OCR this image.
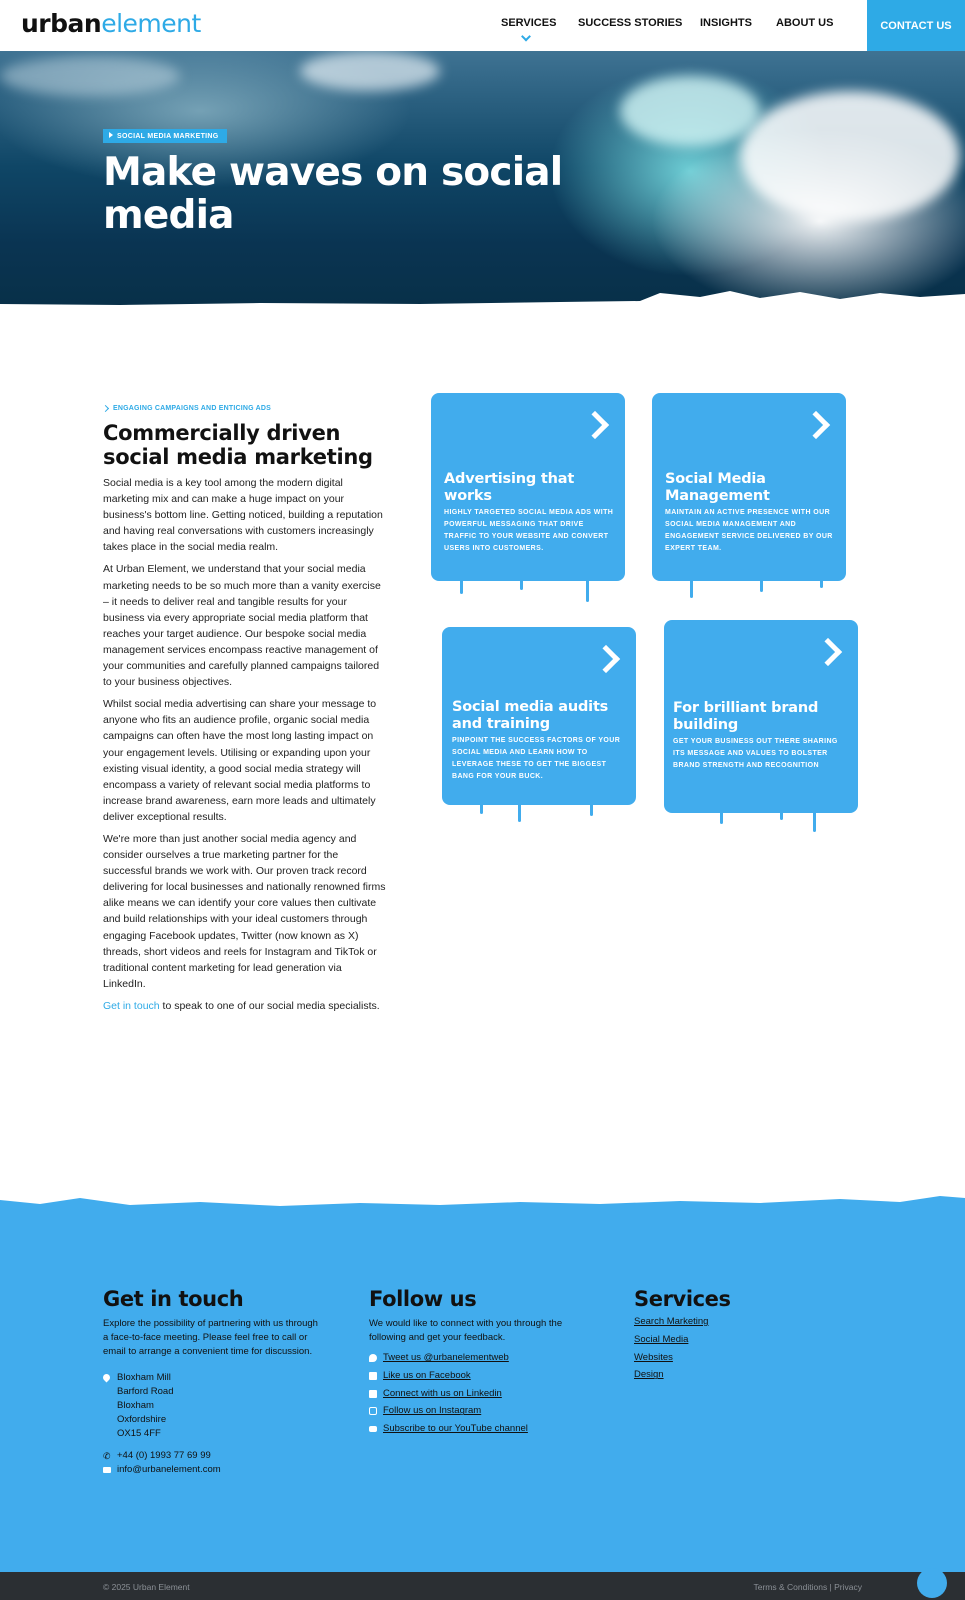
urbanelement	SERVICES SUCCESS STORIES INSIGHTS ABOUT US	CONTACT US
SOCIAL MEDIA MARKETING
Make waves on social media
ENGAGING CAMPAIGNS AND ENTICING ADS
Commercially driven social media marketing

Social media is a key tool among the modern digital marketing mix and can make a huge impact on your business's bottom line. Getting noticed, building a reputation and having real conversations with customers increasingly takes place in the social media realm.

At Urban Element, we understand that your social media marketing needs to be so much more than a vanity exercise – it needs to deliver real and tangible results for your business via every appropriate social media platform that reaches your target audience. Our bespoke social media management services encompass reactive management of your communities and carefully planned campaigns tailored to your business objectives.

Whilst social media advertising can share your message to anyone who fits an audience profile, organic social media campaigns can often have the most long lasting impact on your engagement levels. Utilising or expanding upon your existing visual identity, a good social media strategy will encompass a variety of relevant social media platforms to increase brand awareness, earn more leads and ultimately deliver exceptional results.

We're more than just another social media agency and consider ourselves a true marketing partner for the successful brands we work with. Our proven track record delivering for local businesses and nationally renowned firms alike means we can identify your core values then cultivate and build relationships with your ideal customers through engaging Facebook updates, Twitter (now known as X) threads, short videos and reels for Instagram and TikTok or traditional content marketing for lead generation via LinkedIn.

Get in touch to speak to one of our social media specialists.

Advertising that works
HIGHLY TARGETED SOCIAL MEDIA ADS WITH POWERFUL MESSAGING THAT DRIVE TRAFFIC TO YOUR WEBSITE AND CONVERT USERS INTO CUSTOMERS.
Social Media Management
MAINTAIN AN ACTIVE PRESENCE WITH OUR SOCIAL MEDIA MANAGEMENT AND ENGAGEMENT SERVICE DELIVERED BY OUR EXPERT TEAM.
Social media audits and training
PINPOINT THE SUCCESS FACTORS OF YOUR SOCIAL MEDIA AND LEARN HOW TO LEVERAGE THESE TO GET THE BIGGEST BANG FOR YOUR BUCK.
For brilliant brand building
GET YOUR BUSINESS OUT THERE SHARING ITS MESSAGE AND VALUES TO BOLSTER BRAND STRENGTH AND RECOGNITION
Get in touch
Explore the possibility of partnering with us through a face-to-face meeting. Please feel free to call or email to arrange a convenient time for discussion.
Bloxham Mill
Barford Road
Bloxham
Oxfordshire
OX15 4FF
✆ +44 (0) 1993 77 69 99
info@urbanelement.com
Follow us
We would like to connect with you through the following and get your feedback.
Tweet us @urbanelementweb
Like us on Facebook
Connect with us on Linkedin
Follow us on Instagram
Subscribe to our YouTube channel
Services
Search Marketing
Social Media
Websites
Design
© 2025 Urban Element	Terms & Conditions | Privacy
